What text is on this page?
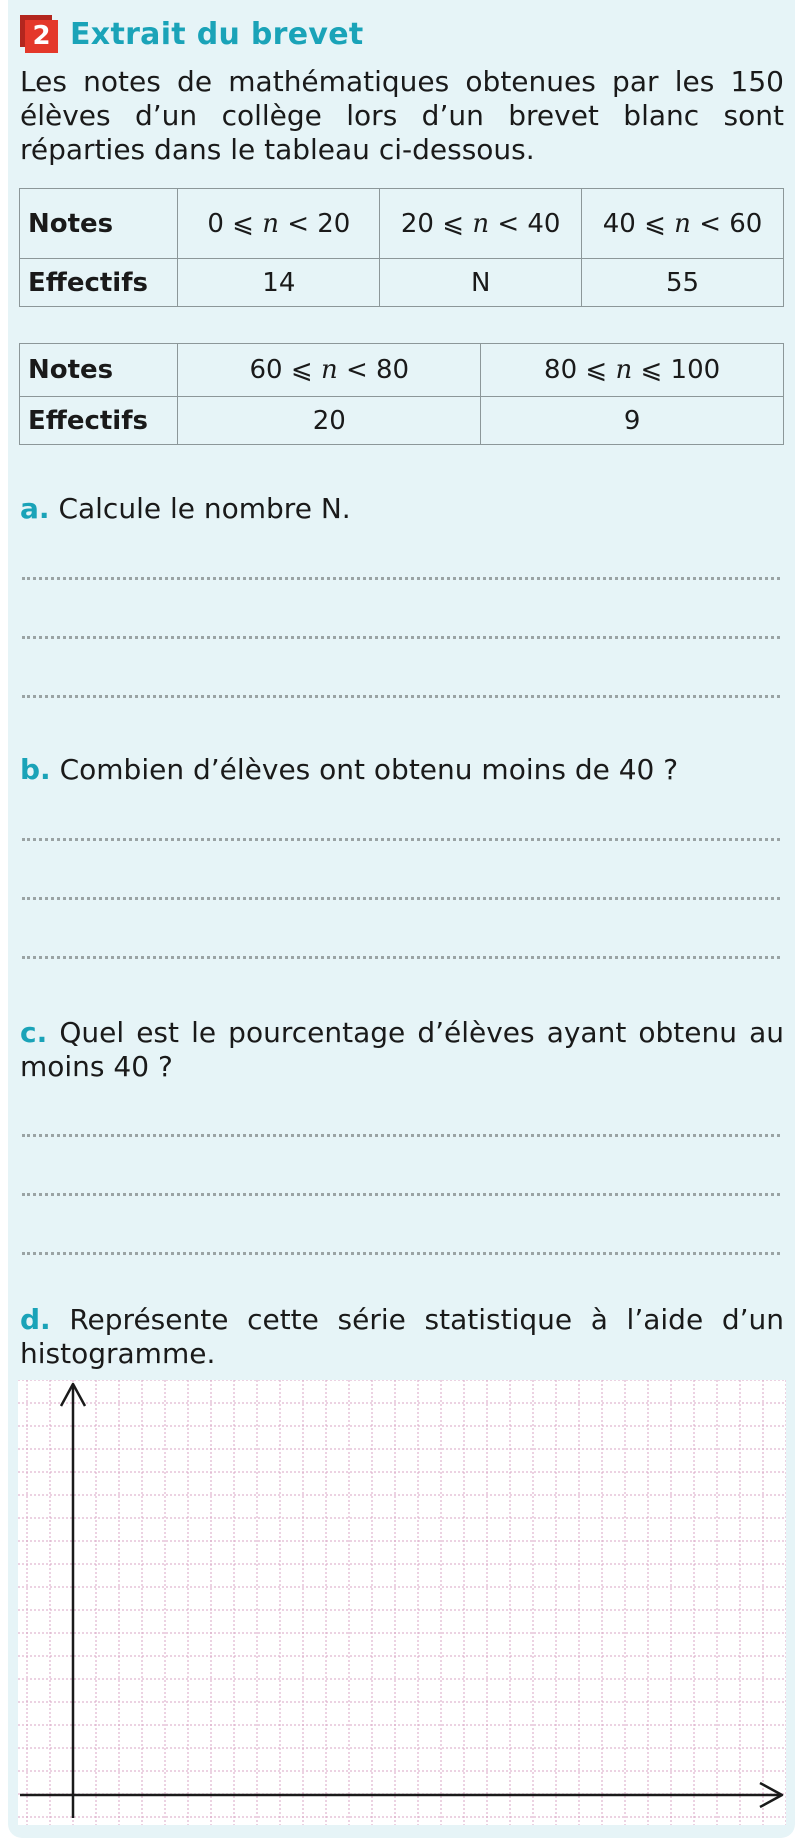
2 Extrait du brevet
Les notes de mathématiques obtenues par les 150 élèves d’un collège lors d’un brevet blanc sont réparties dans le tableau ci-dessous.
Notes	0 ⩽ n < 20	20 ⩽ n < 40	40 ⩽ n < 60
Effectifs	14	N	55
Notes	60 ⩽ n < 80	80 ⩽ n ⩽ 100
Effectifs	20	9
a. Calcule le nombre N.
b. Combien d’élèves ont obtenu moins de 40 ?
c. Quel est le pourcentage d’élèves ayant obtenu au moins 40 ?
d. Représente cette série statistique à l’aide d’un histogramme.
